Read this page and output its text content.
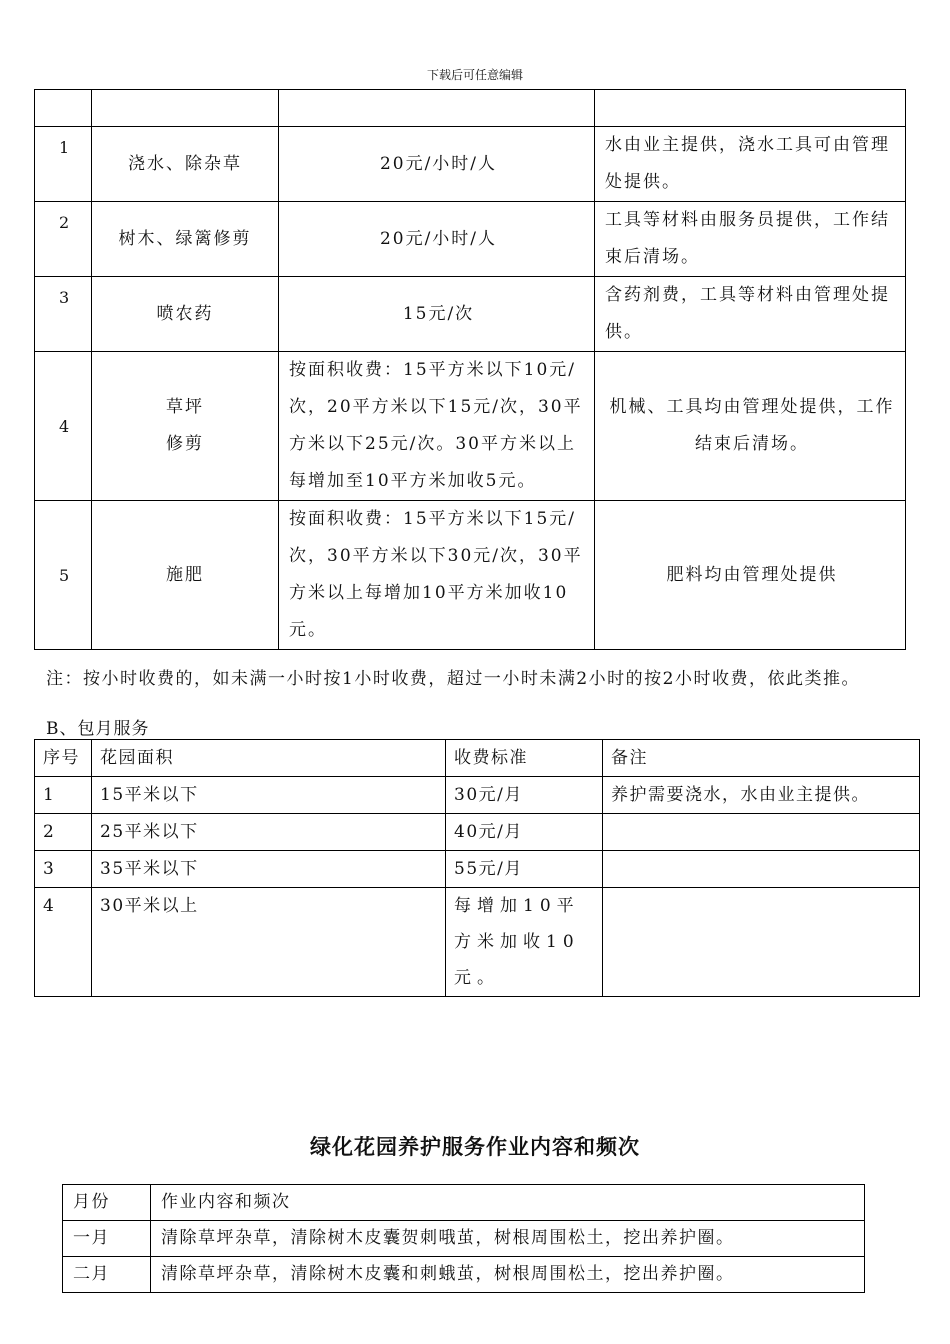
下载后可任意编辑

1	浇水、除杂草	20元/小时/人	水由业主提供，浇水工具可由管理处提供。
2	树木、绿篱修剪	20元/小时/人	工具等材料由服务员提供，工作结束后清场。
3	喷农药	15元/次	含药剂费，工具等材料由管理处提供。
4	草坪
修剪	按面积收费：15平方米以下10元/次，20平方米以下15元/次，30平方米以下25元/次。30平方米以上每增加至10平方米加收5元。	机械、工具均由管理处提供，工作结束后清场。
5	施肥	按面积收费：15平方米以下15元/次，30平方米以下30元/次，30平方米以上每增加10平方米加收10元。	肥料均由管理处提供
注：按小时收费的，如未满一小时按1小时收费，超过一小时未满2小时的按2小时收费，依此类推。
B、包月服务
序号	花园面积	收费标准	备注
1	15平米以下	30元/月	养护需要浇水，水由业主提供。
2	25平米以下	40元/月	
3	35平米以下	55元/月	
4	30平米以上	每增加10平方米加收10元。	
绿化花园养护服务作业内容和频次
月份	作业内容和频次
一月	清除草坪杂草，清除树木皮囊贺刺哦茧，树根周围松土，挖出养护圈。
二月	清除草坪杂草，清除树木皮囊和刺蛾茧，树根周围松土，挖出养护圈。
